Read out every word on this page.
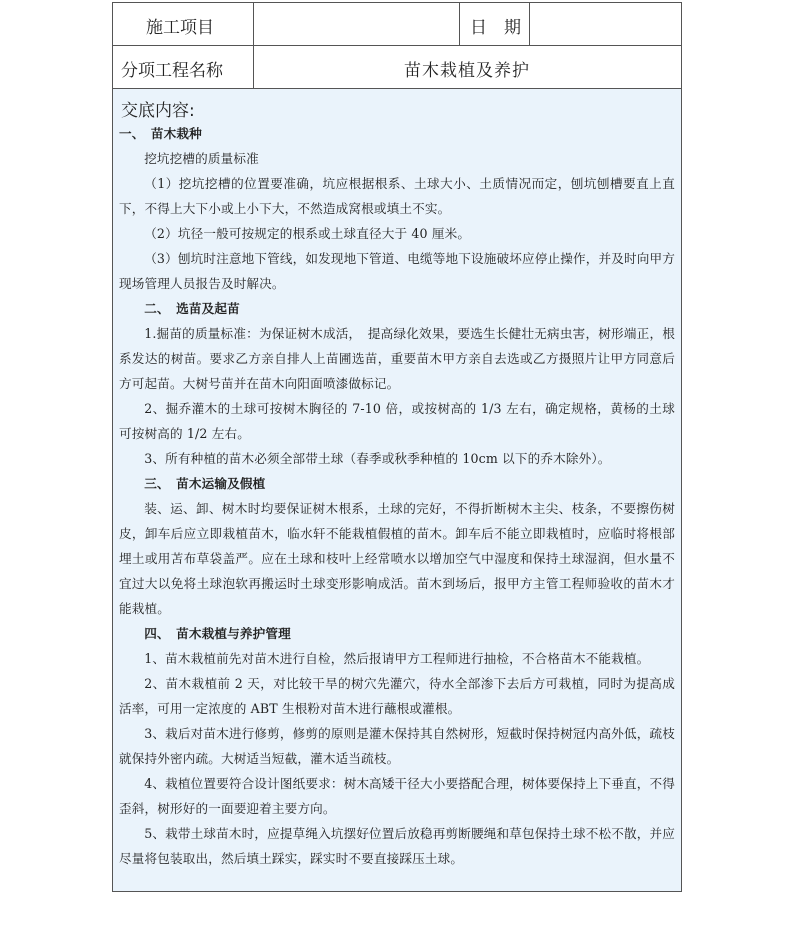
施工项目	日　期
分项工程名称	苗木栽植及养护
交底内容:

一、　苗木栽种

挖坑挖槽的质量标准

（1）挖坑挖槽的位置要准确，坑应根据根系、土球大小、土质情况而定，刨坑刨槽要直上直下，不得上大下小或上小下大，不然造成窝根或填土不实。

（2）坑径一般可按规定的根系或土球直径大于 40 厘米。

（3）刨坑时注意地下管线，如发现地下管道、电缆等地下设施破坏应停止操作，并及时向甲方现场管理人员报告及时解决。

二、　选苗及起苗

1.掘苗的质量标准：为保证树木成活，　提高绿化效果，要选生长健壮无病虫害，树形端正，根系发达的树苗。要求乙方亲自排人上苗圃选苗，重要苗木甲方亲自去选或乙方摄照片让甲方同意后方可起苗。大树号苗并在苗木向阳面喷漆做标记。

2、掘乔灌木的土球可按树木胸径的 7-10 倍，或按树高的 1/3 左右，确定规格，黄杨的土球可按树高的 1/2 左右。

3、所有种植的苗木必须全部带土球（春季或秋季种植的 10cm 以下的乔木除外）。

三、　苗木运输及假植

装、运、卸、树木时均要保证树木根系，土球的完好，不得折断树木主尖、枝条，不要擦伤树皮，卸车后应立即栽植苗木，临水轩不能栽植假植的苗木。卸车后不能立即栽植时，应临时将根部埋土或用苫布草袋盖严。应在土球和枝叶上经常喷水以增加空气中湿度和保持土球湿润，但水量不宜过大以免将土球泡软再搬运时土球变形影响成活。苗木到场后，报甲方主管工程师验收的苗木才能栽植。

四、　苗木栽植与养护管理

1、苗木栽植前先对苗木进行自检，然后报请甲方工程师进行抽检，不合格苗木不能栽植。

2、苗木栽植前 2 天，对比较干旱的树穴先灌穴，待水全部渗下去后方可栽植，同时为提高成活率，可用一定浓度的 ABT 生根粉对苗木进行蘸根或灌根。

3、栽后对苗木进行修剪，修剪的原则是灌木保持其自然树形，短截时保持树冠内高外低，疏枝就保持外密内疏。大树适当短截，灌木适当疏枝。

4、栽植位置要符合设计图纸要求：树木高矮干径大小要搭配合理，树体要保持上下垂直，不得歪斜，树形好的一面要迎着主要方向。

5、栽带土球苗木时，应提草绳入坑摆好位置后放稳再剪断腰绳和草包保持土球不松不散，并应尽量将包装取出，然后填土踩实，踩实时不要直接踩压土球。
